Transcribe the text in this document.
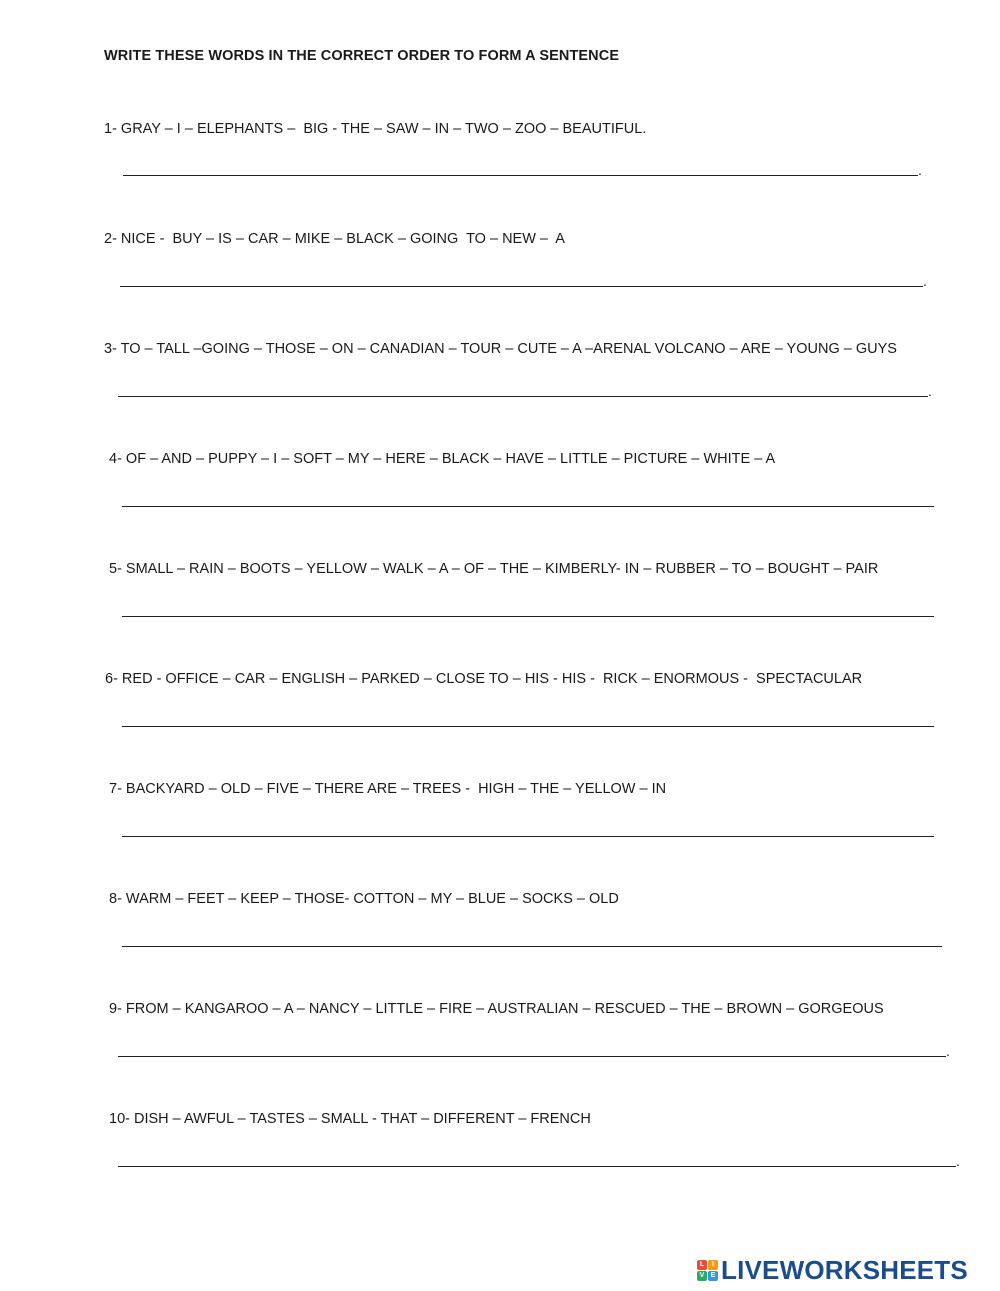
WRITE THESE WORDS IN THE CORRECT ORDER TO FORM A SENTENCE

1- GRAY – I – ELEPHANTS –  BIG - THE – SAW – IN – TWO – ZOO – BEAUTIFUL.

.

2- NICE -  BUY – IS – CAR – MIKE – BLACK – GOING  TO – NEW –  A

.

3- TO – TALL –GOING – THOSE – ON – CANADIAN – TOUR – CUTE – A –ARENAL VOLCANO – ARE – YOUNG – GUYS

.

4- OF – AND – PUPPY – I – SOFT – MY – HERE – BLACK – HAVE – LITTLE – PICTURE – WHITE – A

5- SMALL – RAIN – BOOTS – YELLOW – WALK – A – OF – THE – KIMBERLY- IN – RUBBER – TO – BOUGHT – PAIR

6- RED - OFFICE – CAR – ENGLISH – PARKED – CLOSE TO – HIS - HIS -  RICK – ENORMOUS -  SPECTACULAR

7- BACKYARD – OLD – FIVE – THERE ARE – TREES -  HIGH – THE – YELLOW – IN

8- WARM – FEET – KEEP – THOSE- COTTON – MY – BLUE – SOCKS – OLD

9- FROM – KANGAROO – A – NANCY – LITTLE – FIRE – AUSTRALIAN – RESCUED – THE – BROWN – GORGEOUS

.

10- DISH – AWFUL – TASTES – SMALL - THAT – DIFFERENT – FRENCH

.
L	I
V E LIVEWORKSHEETS
